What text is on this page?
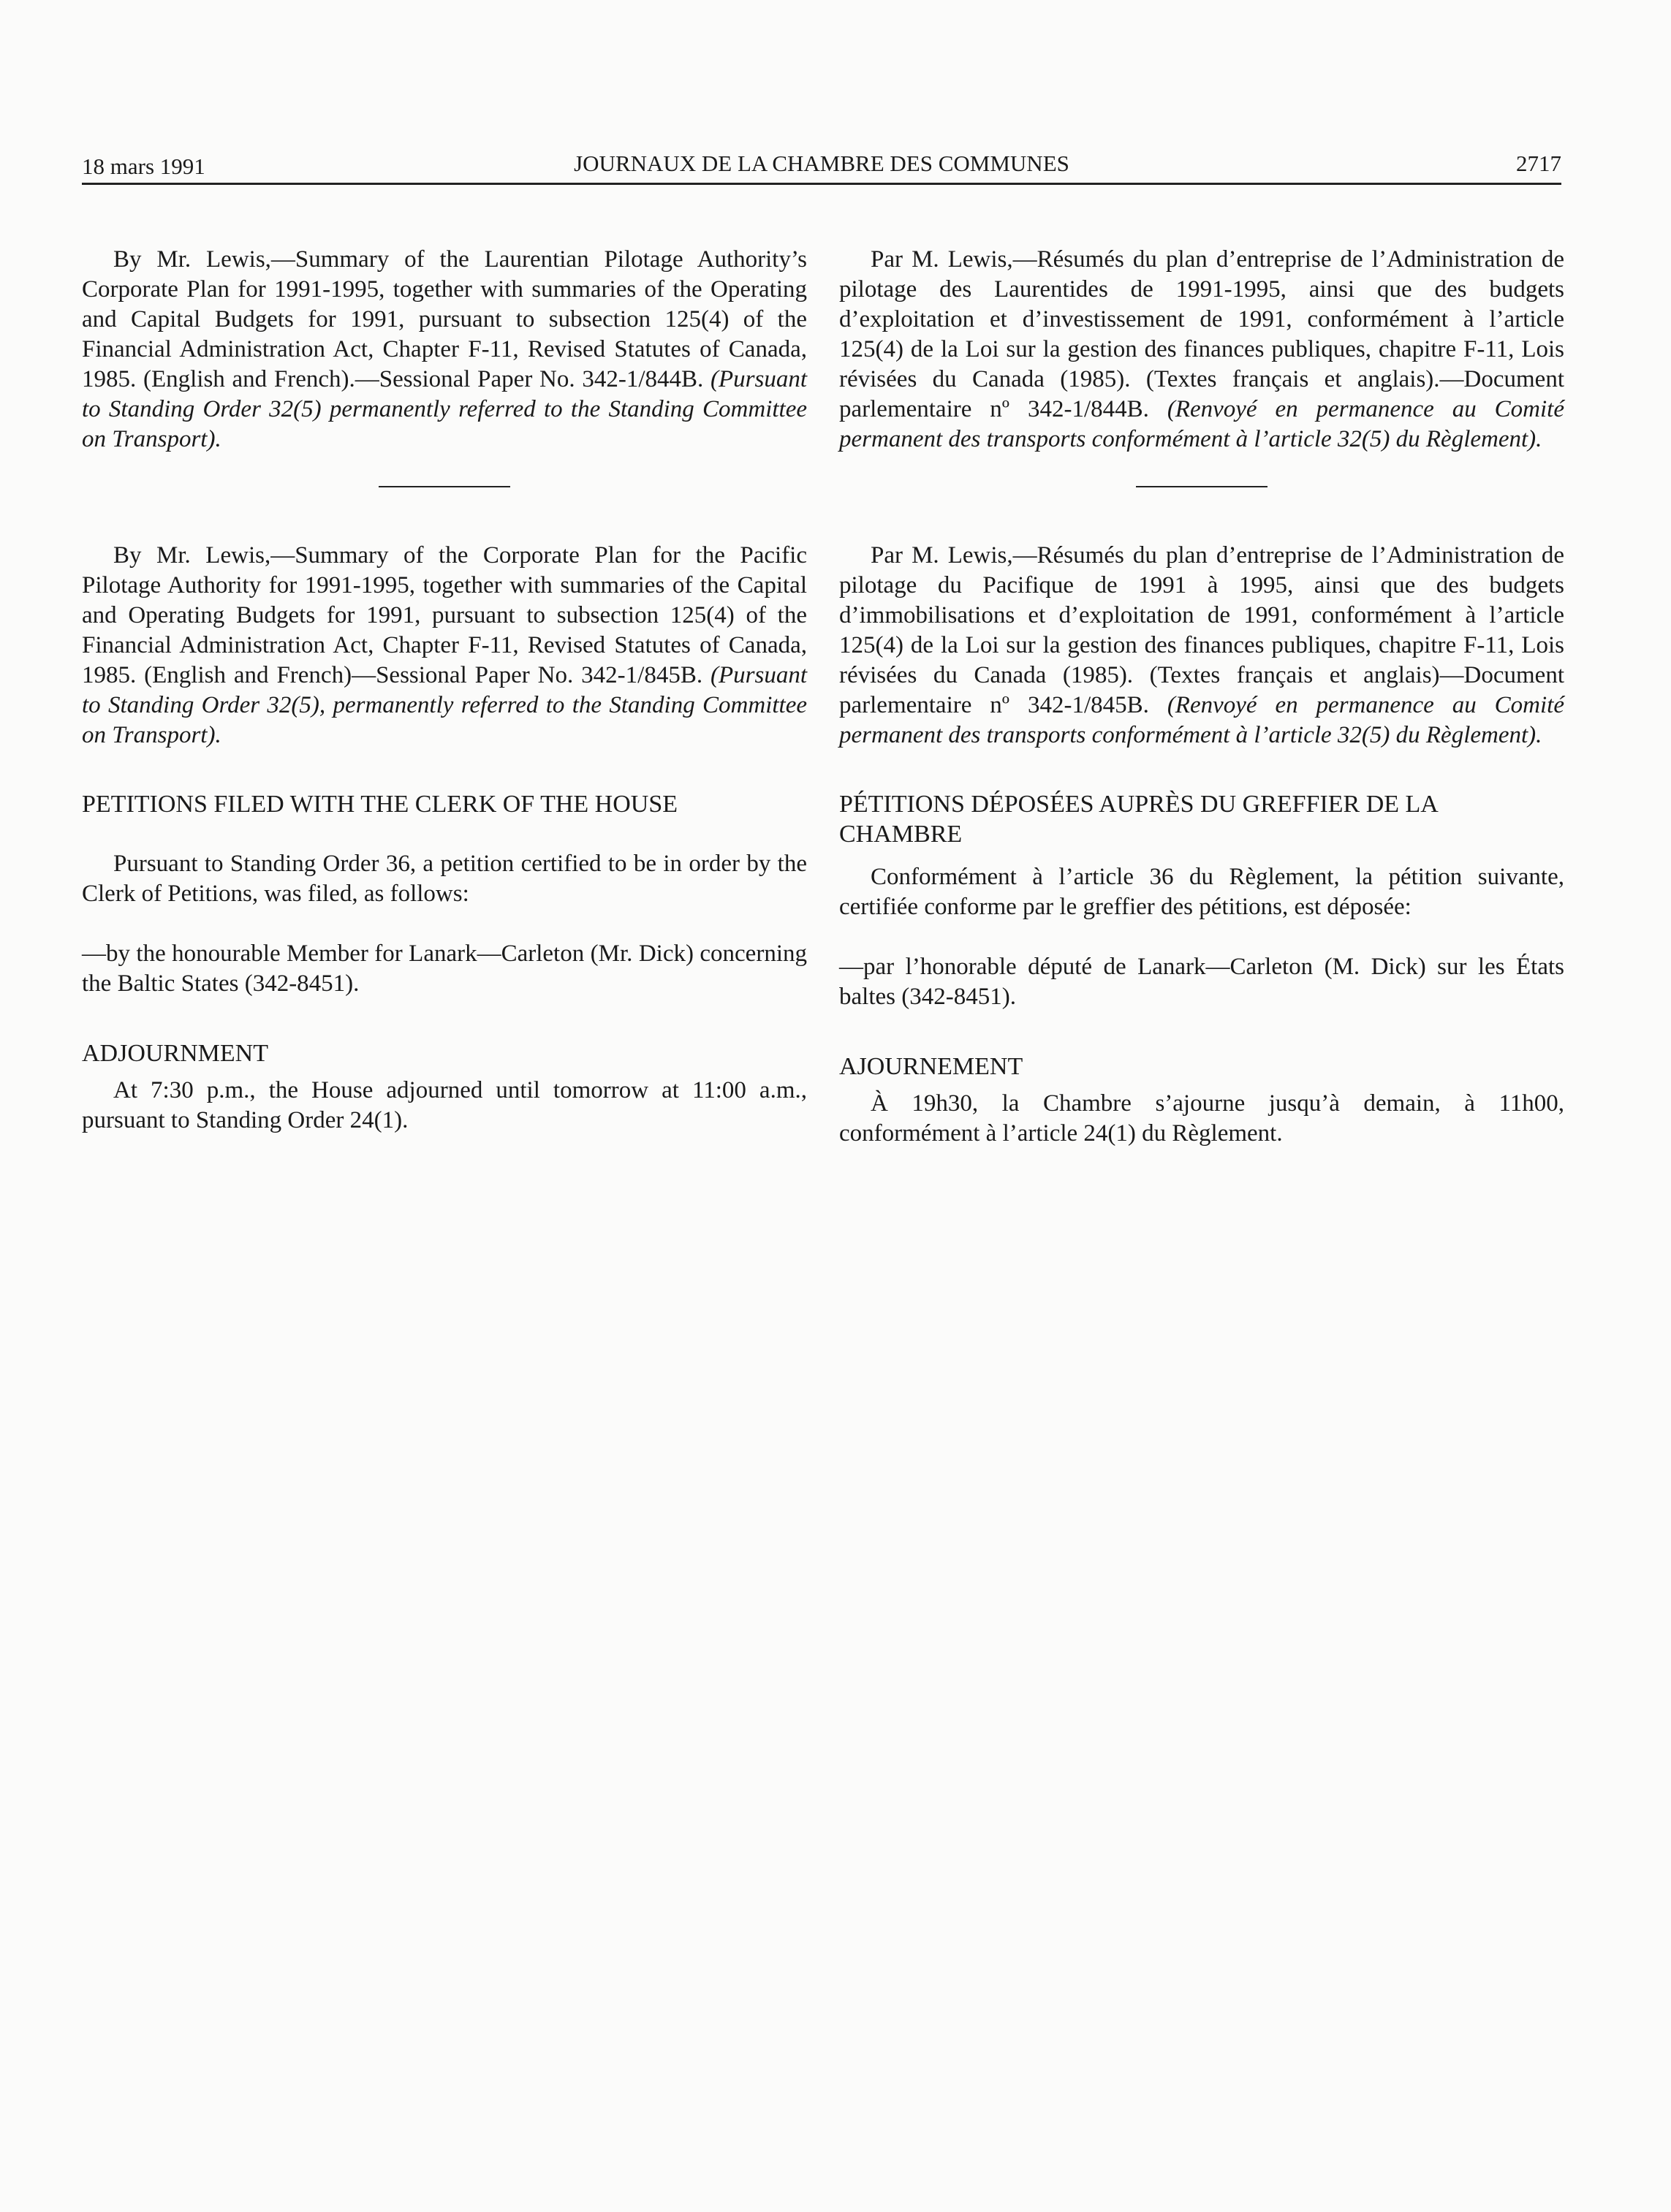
18 mars 1991	JOURNAUX DE LA CHAMBRE DES COMMUNES	2717

By Mr. Lewis,—Summary of the Laurentian Pilotage Authority’s Corporate Plan for 1991-1995, together with summaries of the Operating and Capital Budgets for 1991, pursuant to subsection 125(4) of the Financial Administration Act, Chapter F-11, Revised Statutes of Canada, 1985. (English and French).—Sessional Paper No. 342-1/844B. (Pursuant to Standing Order 32(5) permanently referred to the Standing Committee on Transport).

By Mr. Lewis,—Summary of the Corporate Plan for the Pacific Pilotage Authority for 1991-1995, together with summaries of the Capital and Operating Budgets for 1991, pursuant to subsection 125(4) of the Financial Administration Act, Chapter F-11, Revised Statutes of Canada, 1985. (English and French)—Sessional Paper No. 342-1/845B. (Pursuant to Standing Order 32(5), permanently referred to the Standing Committee on Transport).

PETITIONS FILED WITH THE CLERK OF THE HOUSE

Pursuant to Standing Order 36, a petition certified to be in order by the Clerk of Petitions, was filed, as follows:

—by the honourable Member for Lanark—Carleton (Mr. Dick) concerning the Baltic States (342-8451).

ADJOURNMENT

At 7:30 p.m., the House adjourned until tomorrow at 11:00 a.m., pursuant to Standing Order 24(1).

Par M. Lewis,—Résumés du plan d’entreprise de l’Administration de pilotage des Laurentides de 1991-1995, ainsi que des budgets d’exploitation et d’investissement de 1991, conformément à l’article 125(4) de la Loi sur la gestion des finances publiques, chapitre F-11, Lois révisées du Canada (1985). (Textes français et anglais).—Document parlementaire nº 342-1/844B. (Renvoyé en permanence au Comité permanent des transports conformément à l’article 32(5) du Règlement).

Par M. Lewis,—Résumés du plan d’entreprise de l’Administration de pilotage du Pacifique de 1991 à 1995, ainsi que des budgets d’immobilisations et d’exploitation de 1991, conformément à l’article 125(4) de la Loi sur la gestion des finances publiques, chapitre F-11, Lois révisées du Canada (1985). (Textes français et anglais)—Document parlementaire nº 342-1/845B. (Renvoyé en permanence au Comité permanent des transports conformément à l’article 32(5) du Règlement).

PÉTITIONS DÉPOSÉES AUPRÈS DU GREFFIER DE LA CHAMBRE

Conformément à l’article 36 du Règlement, la pétition suivante, certifiée conforme par le greffier des pétitions, est déposée:

—par l’honorable député de Lanark—Carleton (M. Dick) sur les États baltes (342-8451).

AJOURNEMENT

À 19h30, la Chambre s’ajourne jusqu’à demain, à 11h00, conformément à l’article 24(1) du Règlement.
